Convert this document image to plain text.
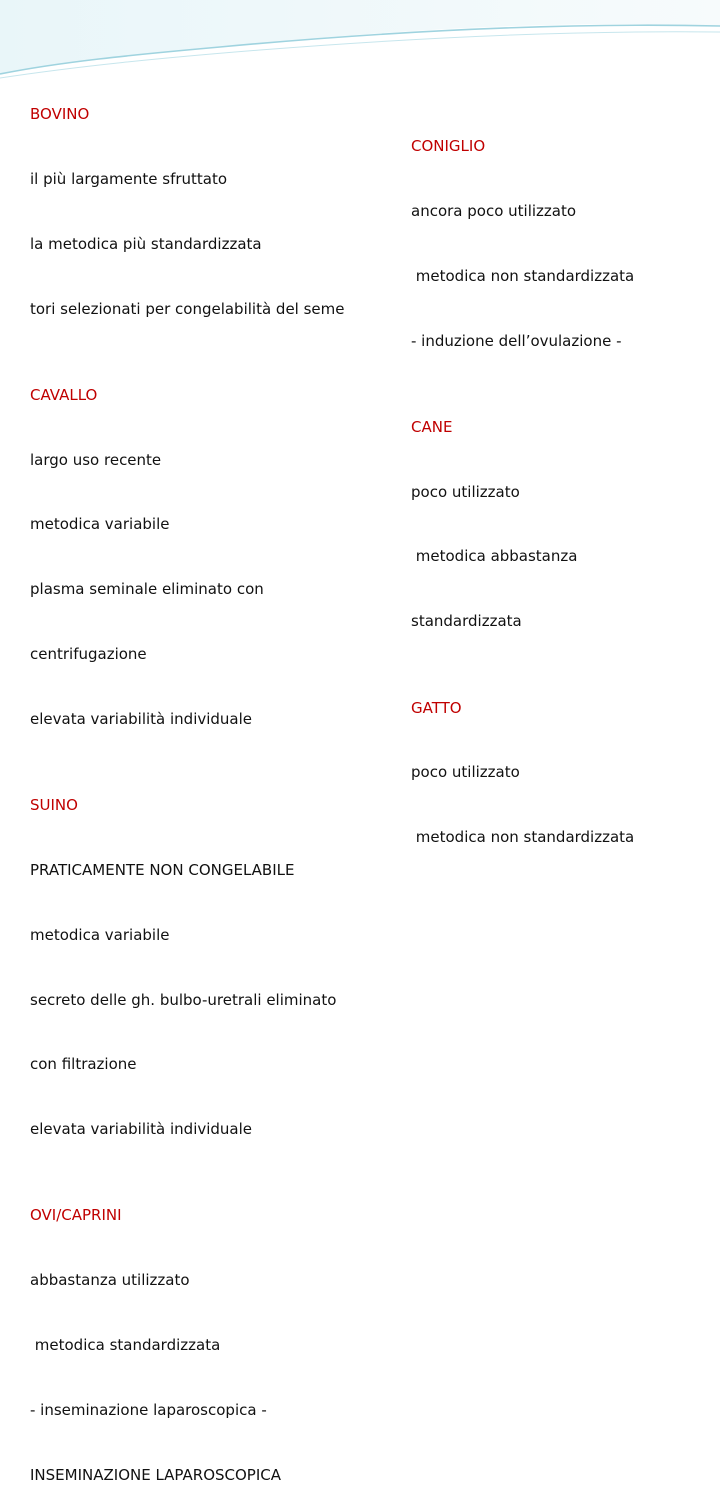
BOVINO

il più largamente sfruttato

la metodica più standardizzata

tori selezionati per congelabilità del seme

CAVALLO

largo uso recente

metodica variabile

plasma seminale eliminato con

centrifugazione

elevata variabilità individuale

SUINO

PRATICAMENTE NON CONGELABILE

metodica variabile

secreto delle gh. bulbo-uretrali eliminato

con filtrazione

elevata variabilità individuale

OVI/CAPRINI

abbastanza utilizzato

metodica standardizzata

- inseminazione laparoscopica -

INSEMINAZIONE LAPAROSCOPICA

CONIGLIO

ancora poco utilizzato

metodica non standardizzata

- induzione dell’ovulazione -

CANE

poco utilizzato

metodica abbastanza

standardizzata

GATTO

poco utilizzato

metodica non standardizzata
